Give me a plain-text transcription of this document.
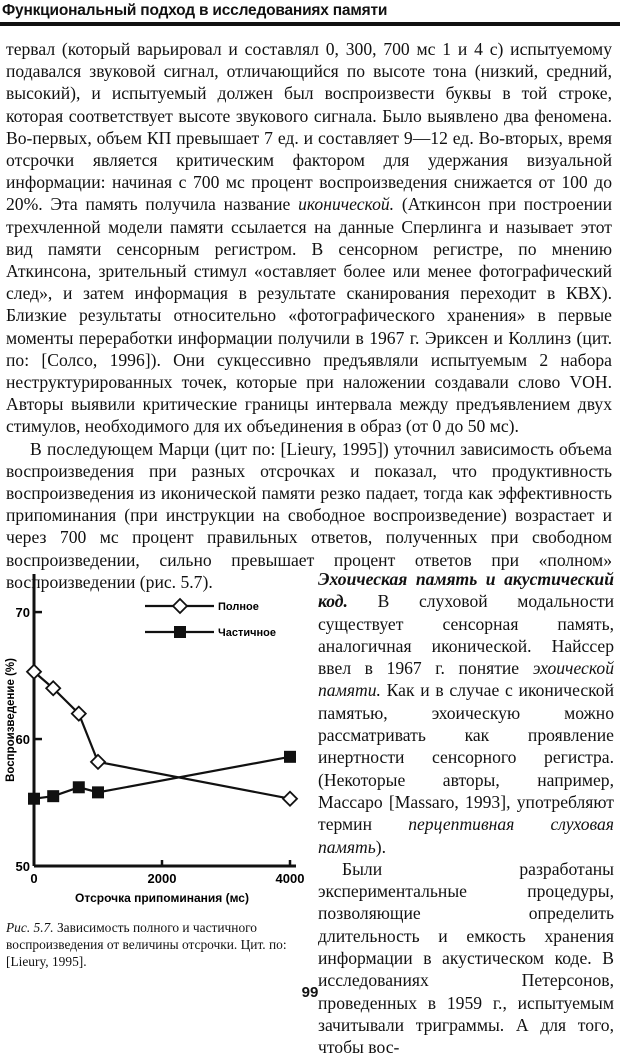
Функциональный подход в исследованиях памяти

тервал (который варьировал и составлял 0, 300, 700 мс 1 и 4 с) испытуемому подавался звуковой сигнал, отличающийся по высоте тона (низкий, средний, высокий), и испытуемый должен был воспроизвести буквы в той строке, которая соответствует высоте звукового сигнала. Было выявлено два феномена. Во-первых, объем КП превышает 7 ед. и составляет 9—12 ед. Во-вторых, время отсрочки является критическим фактором для удержания визуальной информации: начиная с 700 мс процент воспроизведения снижается от 100 до 20%. Эта память получила название иконической. (Аткинсон при построении трехчленной модели памяти ссылается на данные Сперлинга и называет этот вид памяти сенсорным регистром. В сенсорном регистре, по мнению Аткинсона, зрительный стимул «оставляет более или менее фотографический след», и затем информация в результате сканирования переходит в КВХ). Близкие результаты относительно «фотографического хранения» в первые моменты переработки информации получили в 1967 г. Эриксен и Коллинз (цит. по: [Солсо, 1996]). Они сукцессивно предъявляли испытуемым 2 набора неструктурированных точек, которые при наложении создавали слово VOH. Авторы выявили критические границы интервала между предъявлением двух стимулов, необходимого для их объединения в образ (от 0 до 50 мс).

В последующем Марци (цит по: [Lieury, 1995]) уточнил зависимость объема воспроизведения при разных отсрочках и показал, что продуктивность воспроизведения из иконической памяти резко падает, тогда как эффективность припоминания (при инструкции на свободное воспроизведение) возрастает и через 700 мс процент правильных ответов, полученных при свободном воспроизведении, сильно превышает процент ответов при «полном» воспроизведении (рис. 5.7).

50
60
70
0	2000	4000
Отсрочка припоминания (мс)
Воспроизведение (%)
Полное
Частичное
Рис. 5.7. Зависимость полного и частичного воспроизведения от величины отсрочки. Цит. по: [Lieury, 1995].

Эхоическая память и акустический код. В слуховой модальности существует сенсорная память, аналогичная иконической. Найссер ввел в 1967 г. понятие эхоической памяти. Как и в случае с иконической памятью, эхоическую можно рассматривать как проявление инертности сенсорного регистра. (Некоторые авторы, например, Массаро [Massaro, 1993], употребляют термин перцептивная слуховая память).

Были разработаны экспериментальные процедуры, позволяющие определить длительность и емкость хранения информации в акустическом коде. В исследованиях Петерсонов, проведенных в 1959 г., испытуемым зачитывали триграммы. А для того, чтобы вос-

99
